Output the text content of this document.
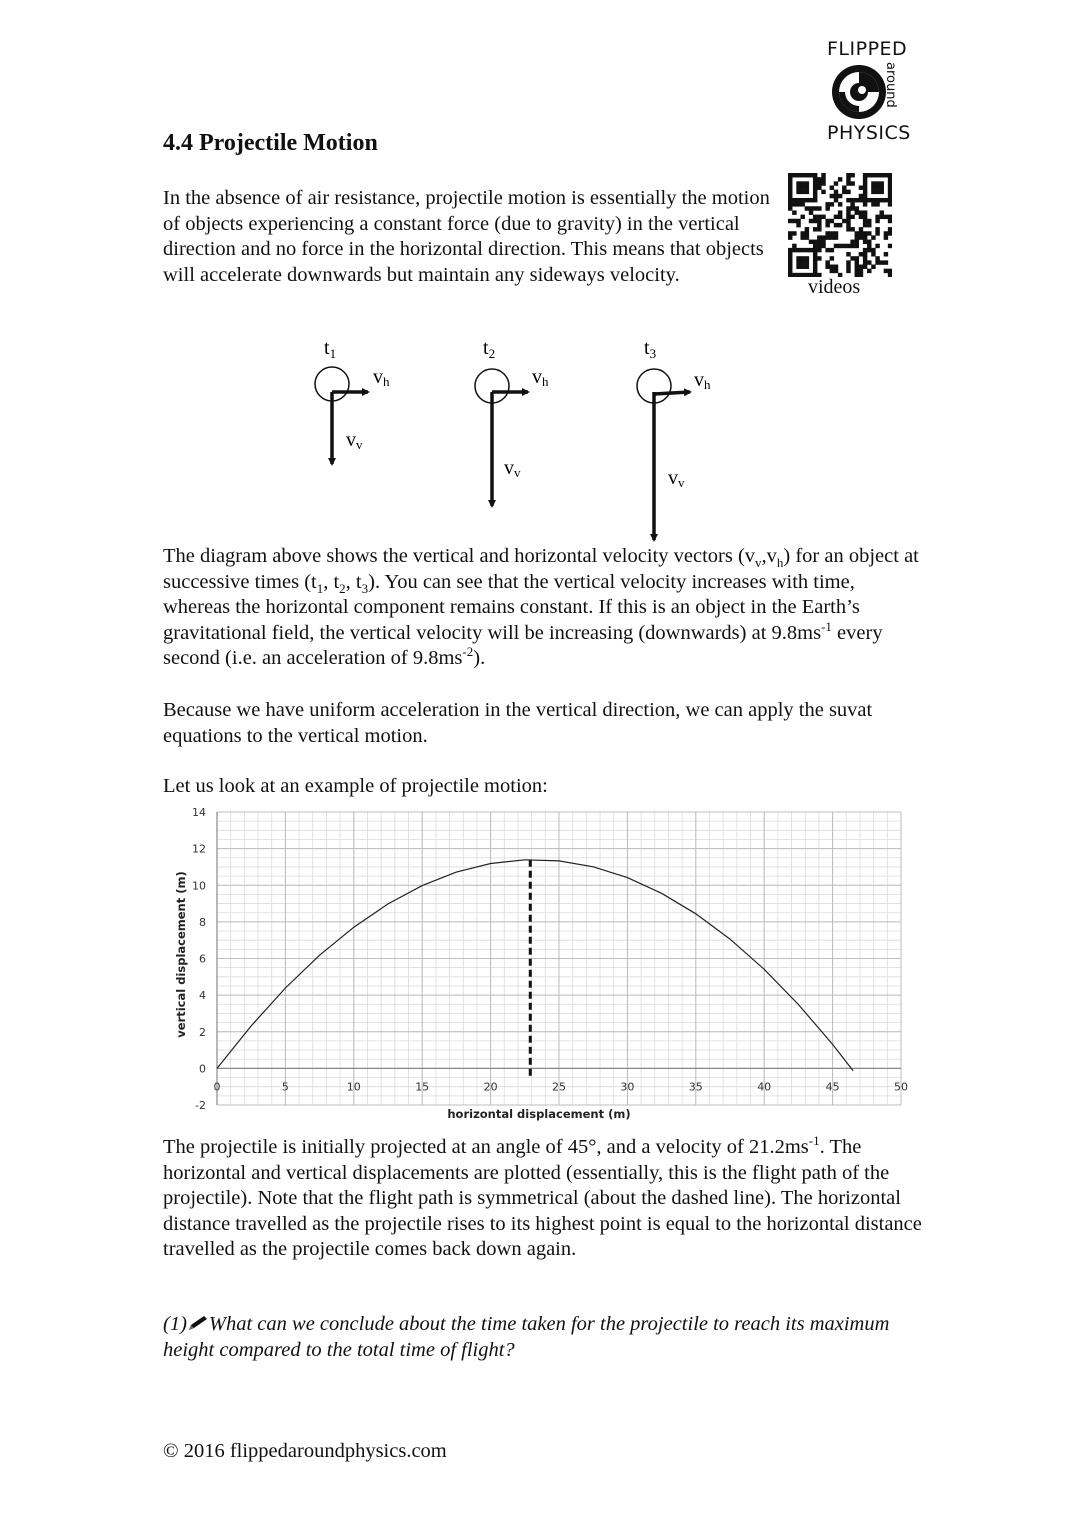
FLIPPED
around
PHYSICS
4.4 Projectile Motion
videos
In the absence of air resistance, projectile motion is essentially the motion of objects experiencing a constant force (due to gravity) in the vertical direction and no force in the horizontal direction. This means that objects will accelerate downwards but maintain any sideways velocity.
$t_1$
vh
vv
$t_2$
vh
vv
$t_3$
vh
vv
The diagram above shows the vertical and horizontal velocity vectors $(v_v,v_h)$ for an object at successive times ($t_1$, $t_2$, $t_3$). You can see that the vertical velocity increases with time, whereas the horizontal component remains constant. If this is an object in the Earth’s gravitational field, the vertical velocity will be increasing (downwards) at $9.8ms^{-1}$ every second (i.e. an acceleration of $9.8ms^{-2}$).
Because we have uniform acceleration in the vertical direction, we can apply the suvat equations to the vertical motion.
Let us look at an example of projectile motion:
0	5	10	15	20	25	30	35	40	45	50
14
12
10
8
6
4
2
0
-2
horizontal displacement (m)
vertical displacement (m)
The projectile is initially projected at an angle of 45°, and a velocity of $21.2ms^{-1}$. The horizontal and vertical displacements are plotted (essentially, this is the flight path of the projectile). Note that the flight path is symmetrical (about the dashed line). The horizontal distance travelled as the projectile rises to its highest point is equal to the horizontal distance travelled as the projectile comes back down again.
(1) What can we conclude about the time taken for the projectile to reach its maximum height compared to the total time of flight?
© 2016 flippedaroundphysics.com
